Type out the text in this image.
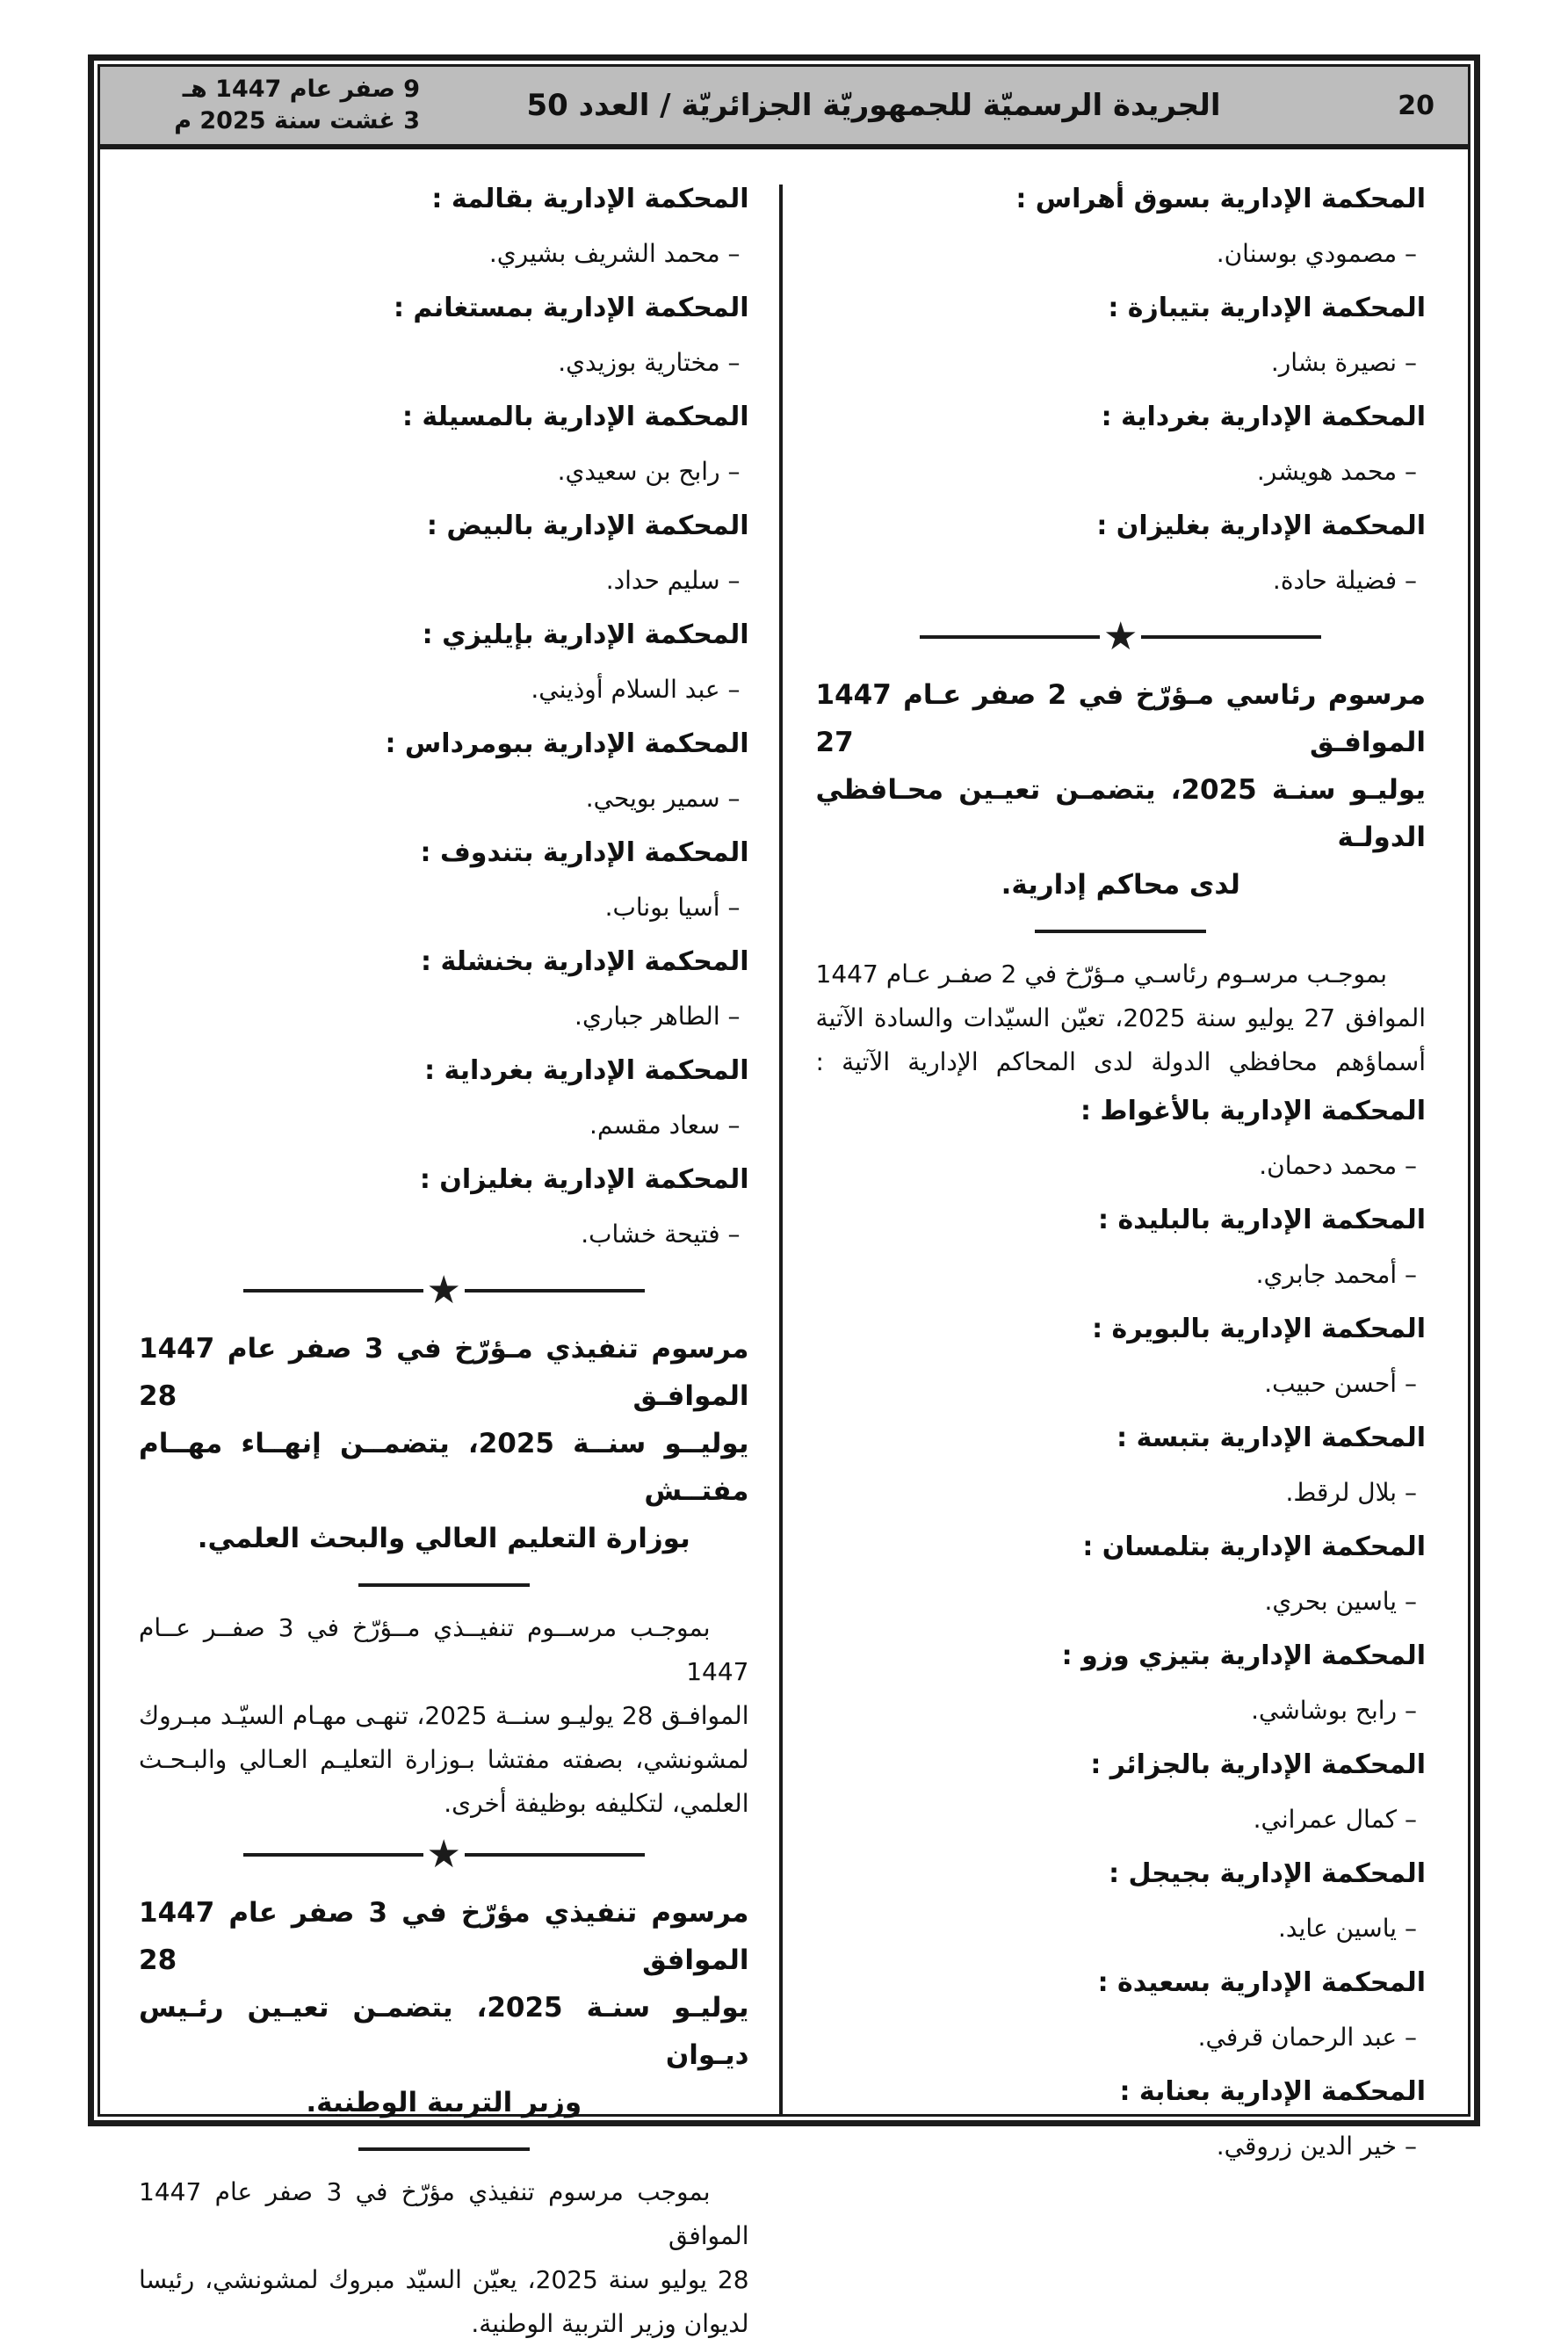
9 صفر عام 1447 هـ
3 غشت سنة 2025 م	الجريدة الرسميّة للجمهوريّة الجزائريّة / العدد 50	20
المحكمة الإدارية بسوق أهراس :
– مصمودي بوسنان.
المحكمة الإدارية بتيبازة :
– نصيرة بشار.
المحكمة الإدارية بغرداية :
– محمد هويشر.
المحكمة الإدارية بغليزان :
– فضيلة حادة.
★
مرسوم رئاسي مـؤرّخ في 2 صفر عـام 1447 الموافـق 27
يوليـو سنـة 2025، يتضمـن تعيـين محـافظي الدولـة
لدى محاكم إدارية.
بموجـب مرسـوم رئاسـي مـؤرّخ في 2 صفـر عـام 1447
الموافق 27 يوليو سنة 2025، تعيّن السيّدات والسادة الآتية
أسماؤهم محافظي الدولة لدى المحاكم الإدارية الآتية :
المحكمة الإدارية بالأغواط :
– محمد دحمان.
المحكمة الإدارية بالبليدة :
– أمحمد جابري.
المحكمة الإدارية بالبويرة :
– أحسن حبيب.
المحكمة الإدارية بتبسة :
– بلال لرقط.
المحكمة الإدارية بتلمسان :
– ياسين بحري.
المحكمة الإدارية بتيزي وزو :
– رابح بوشاشي.
المحكمة الإدارية بالجزائر :
– كمال عمراني.
المحكمة الإدارية بجيجل :
– ياسين عايد.
المحكمة الإدارية بسعيدة :
– عبد الرحمان قرفي.
المحكمة الإدارية بعنابة :
– خير الدين زروقي.
المحكمة الإدارية بقالمة :
– محمد الشريف بشيري.
المحكمة الإدارية بمستغانم :
– مختارية بوزيدي.
المحكمة الإدارية بالمسيلة :
– رابح بن سعيدي.
المحكمة الإدارية بالبيض :
– سليم حداد.
المحكمة الإدارية بإيليزي :
– عبد السلام أوذيني.
المحكمة الإدارية ببومرداس :
– سمير بويحي.
المحكمة الإدارية بتندوف :
– أسيا بوناب.
المحكمة الإدارية بخنشلة :
– الطاهر جباري.
المحكمة الإدارية بغرداية :
– سعاد مقسم.
المحكمة الإدارية بغليزان :
– فتيحة خشاب.
★
مرسوم تنفيذي مـؤرّخ في 3 صفر عام 1447 الموافـق 28
يوليــو سنــة 2025، يتضمــن إنهــاء مهــام مفتــش
بوزارة التعليم العالي والبحث العلمي.
بموجـب مرســوم تنفيــذي مــؤرّخ في 3 صفــر عــام 1447
الموافـق 28 يوليـو سنــة 2025، تنهـى مهـام السيّـد مبـروك
لمشونشي، بصفته مفتشا بـوزارة التعليـم العـالي والبـحـث
العلمي، لتكليفه بوظيفة أخرى.
★
مرسوم تنفيذي مؤرّخ في 3 صفر عام 1447 الموافق 28
يوليـو سنـة 2025، يتضمـن تعيـين رئـيس ديـوان
وزير التربية الوطنية.
بموجب مرسوم تنفيذي مؤرّخ في 3 صفر عام 1447 الموافق
28 يوليو سنة 2025، يعيّن السيّد مبروك لمشونشي، رئيسا
لديوان وزير التربية الوطنية.
